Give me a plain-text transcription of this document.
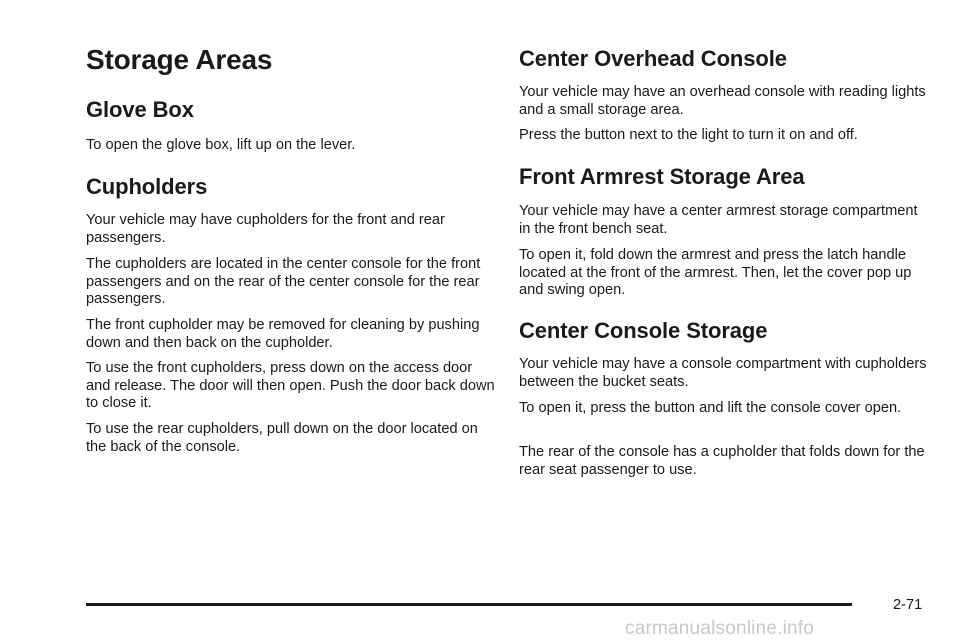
Storage Areas
Glove Box

To open the glove box, lift up on the lever.

Cupholders

Your vehicle may have cupholders for the front and rear passengers.

The cupholders are located in the center console for the front passengers and on the rear of the center console for the rear passengers.

The front cupholder may be removed for cleaning by pushing down and then back on the cupholder.

To use the front cupholders, press down on the access door and release. The door will then open. Push the door back down to close it.

To use the rear cupholders, pull down on the door located on the back of the console.

Center Overhead Console

Your vehicle may have an overhead console with reading lights and a small storage area.

Press the button next to the light to turn it on and off.

Front Armrest Storage Area

Your vehicle may have a center armrest storage compartment in the front bench seat.

To open it, fold down the armrest and press the latch handle located at the front of the armrest. Then, let the cover pop up and swing open.

Center Console Storage

Your vehicle may have a console compartment with cupholders between the bucket seats.

To open it, press the button and lift the console cover open.

The rear of the console has a cupholder that folds down for the rear seat passenger to use.

2-71
carmanualsonline.info
